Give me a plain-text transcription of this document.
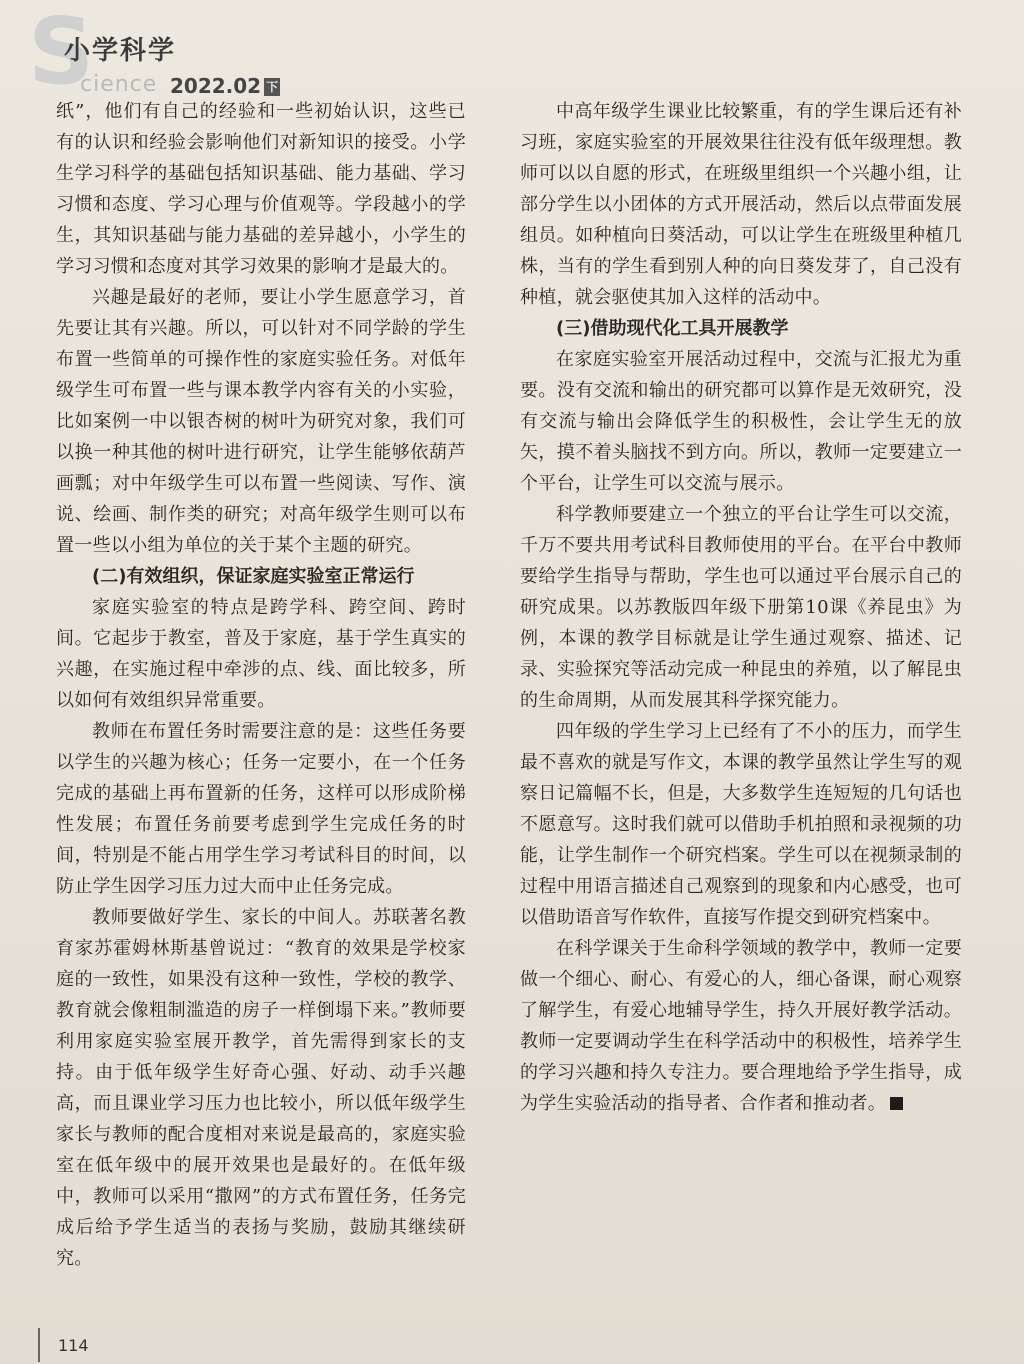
S
小学科学
cience 2022.02 下

纸”，他们有自己的经验和一些初始认识，这些已有的认识和经验会影响他们对新知识的接受。小学生学习科学的基础包括知识基础、能力基础、学习习惯和态度、学习心理与价值观等。学段越小的学生，其知识基础与能力基础的差异越小，小学生的学习习惯和态度对其学习效果的影响才是最大的。

兴趣是最好的老师，要让小学生愿意学习，首先要让其有兴趣。所以，可以针对不同学龄的学生布置一些简单的可操作性的家庭实验任务。对低年级学生可布置一些与课本教学内容有关的小实验，比如案例一中以银杏树的树叶为研究对象，我们可以换一种其他的树叶进行研究，让学生能够依葫芦画瓢；对中年级学生可以布置一些阅读、写作、演说、绘画、制作类的研究；对高年级学生则可以布置一些以小组为单位的关于某个主题的研究。

(二)有效组织，保证家庭实验室正常运行

家庭实验室的特点是跨学科、跨空间、跨时间。它起步于教室，普及于家庭，基于学生真实的兴趣，在实施过程中牵涉的点、线、面比较多，所以如何有效组织异常重要。

教师在布置任务时需要注意的是：这些任务要以学生的兴趣为核心；任务一定要小，在一个任务完成的基础上再布置新的任务，这样可以形成阶梯性发展；布置任务前要考虑到学生完成任务的时间，特别是不能占用学生学习考试科目的时间，以防止学生因学习压力过大而中止任务完成。

教师要做好学生、家长的中间人。苏联著名教育家苏霍姆林斯基曾说过：“教育的效果是学校家庭的一致性，如果没有这种一致性，学校的教学、教育就会像粗制滥造的房子一样倒塌下来。”教师要利用家庭实验室展开教学，首先需得到家长的支持。由于低年级学生好奇心强、好动、动手兴趣高，而且课业学习压力也比较小，所以低年级学生家长与教师的配合度相对来说是最高的，家庭实验室在低年级中的展开效果也是最好的。在低年级中，教师可以采用“撒网”的方式布置任务，任务完成后给予学生适当的表扬与奖励，鼓励其继续研究。

中高年级学生课业比较繁重，有的学生课后还有补习班，家庭实验室的开展效果往往没有低年级理想。教师可以以自愿的形式，在班级里组织一个兴趣小组，让部分学生以小团体的方式开展活动，然后以点带面发展组员。如种植向日葵活动，可以让学生在班级里种植几株，当有的学生看到别人种的向日葵发芽了，自己没有种植，就会驱使其加入这样的活动中。

(三)借助现代化工具开展教学

在家庭实验室开展活动过程中，交流与汇报尤为重要。没有交流和输出的研究都可以算作是无效研究，没有交流与输出会降低学生的积极性，会让学生无的放矢，摸不着头脑找不到方向。所以，教师一定要建立一个平台，让学生可以交流与展示。

科学教师要建立一个独立的平台让学生可以交流，千万不要共用考试科目教师使用的平台。在平台中教师要给学生指导与帮助，学生也可以通过平台展示自己的研究成果。以苏教版四年级下册第10课《养昆虫》为例，本课的教学目标就是让学生通过观察、描述、记录、实验探究等活动完成一种昆虫的养殖，以了解昆虫的生命周期，从而发展其科学探究能力。

四年级的学生学习上已经有了不小的压力，而学生最不喜欢的就是写作文，本课的教学虽然让学生写的观察日记篇幅不长，但是，大多数学生连短短的几句话也不愿意写。这时我们就可以借助手机拍照和录视频的功能，让学生制作一个研究档案。学生可以在视频录制的过程中用语言描述自己观察到的现象和内心感受，也可以借助语音写作软件，直接写作提交到研究档案中。

在科学课关于生命科学领域的教学中，教师一定要做一个细心、耐心、有爱心的人，细心备课，耐心观察了解学生，有爱心地辅导学生，持久开展好教学活动。教师一定要调动学生在科学活动中的积极性，培养学生的学习兴趣和持久专注力。要合理地给予学生指导，成为学生实验活动的指导者、合作者和推动者。

114
